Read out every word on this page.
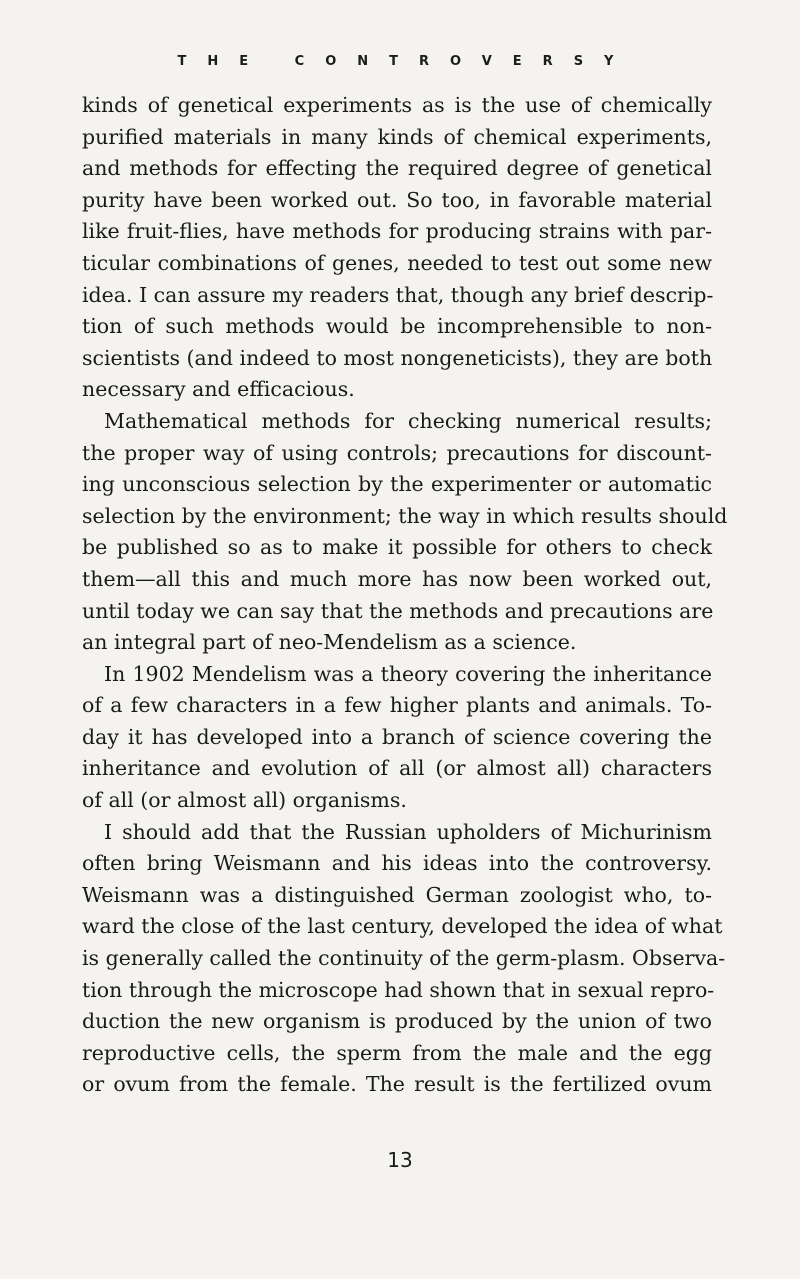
THE CONTROVERSY
kinds of genetical experiments as is the use of chemically
purified materials in many kinds of chemical experiments,
and methods for effecting the required degree of genetical
purity have been worked out. So too, in favorable material
like fruit-flies, have methods for producing strains with par-
ticular combinations of genes, needed to test out some new
idea. I can assure my readers that, though any brief descrip-
tion of such methods would be incomprehensible to non-
scientists (and indeed to most nongeneticists), they are both
necessary and efficacious.
Mathematical methods for checking numerical results;
the proper way of using controls; precautions for discount-
ing unconscious selection by the experimenter or automatic
selection by the environment; the way in which results should
be published so as to make it possible for others to check
them—all this and much more has now been worked out,
until today we can say that the methods and precautions are
an integral part of neo-Mendelism as a science.
In 1902 Mendelism was a theory covering the inheritance
of a few characters in a few higher plants and animals. To-
day it has developed into a branch of science covering the
inheritance and evolution of all (or almost all) characters
of all (or almost all) organisms.
I should add that the Russian upholders of Michurinism
often bring Weismann and his ideas into the controversy.
Weismann was a distinguished German zoologist who, to-
ward the close of the last century, developed the idea of what
is generally called the continuity of the germ-plasm. Observa-
tion through the microscope had shown that in sexual repro-
duction the new organism is produced by the union of two
reproductive cells, the sperm from the male and the egg
or ovum from the female. The result is the fertilized ovum
13
